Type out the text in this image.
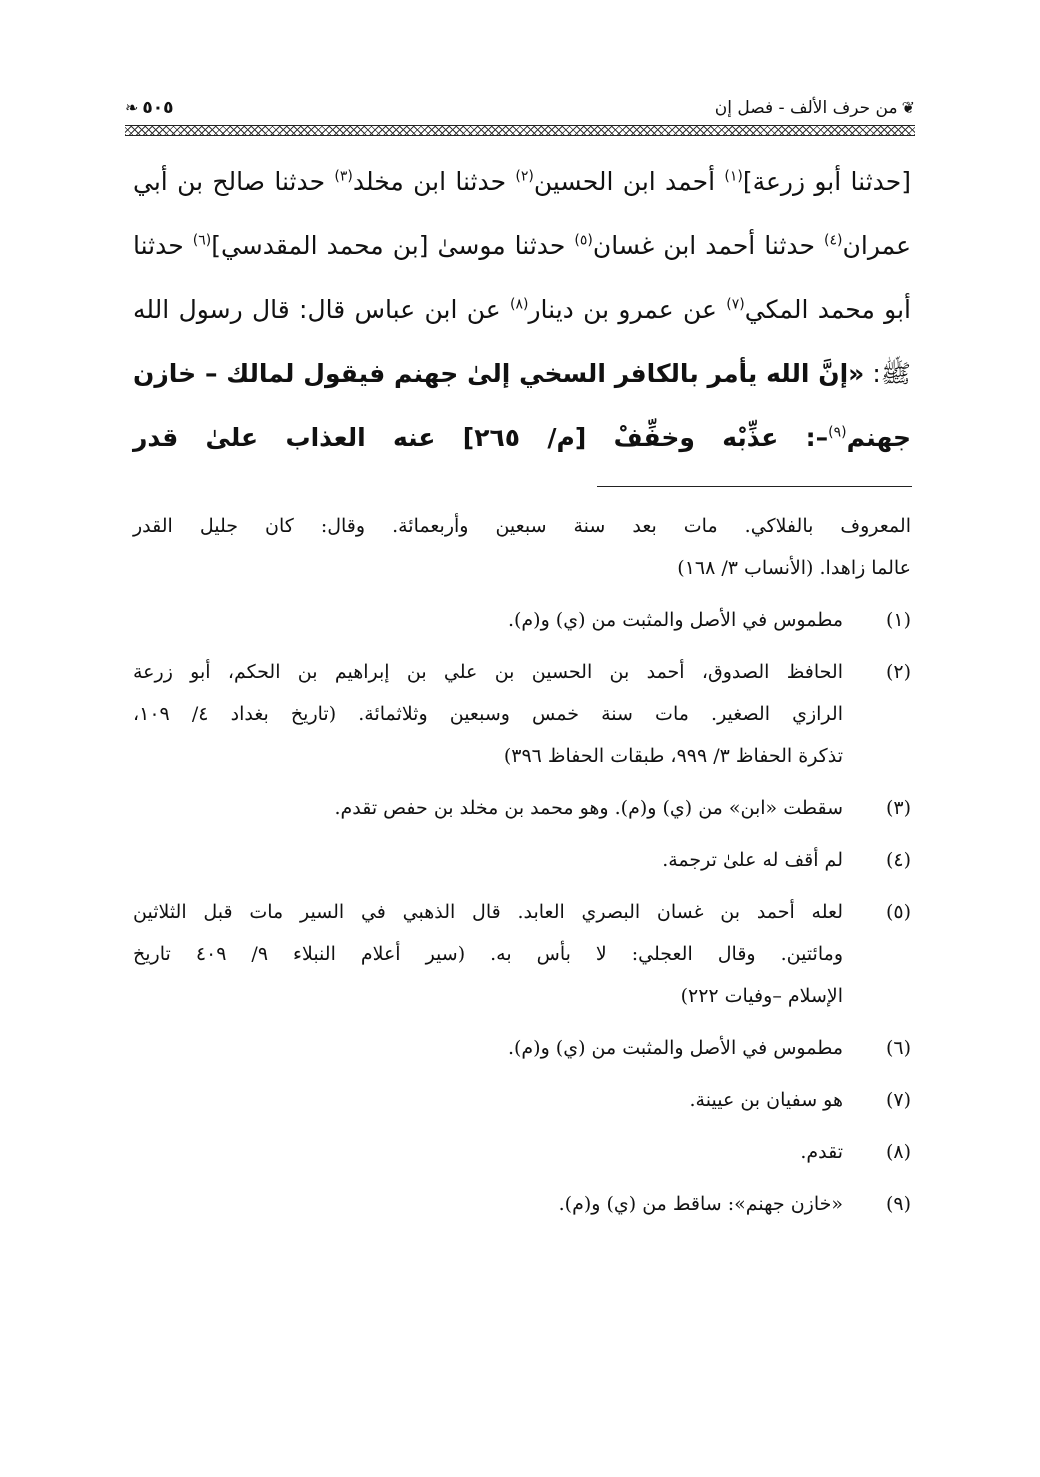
❦
من حرف الألف - فصل إن
٥٠٥
❧
[حدثنا أبو زرعة]$^{(١)}$ أحمد ابن الحسين$^{(٢)}$ حدثنا ابن مخلد$^{(٣)}$ حدثنا صالح بن أبي عمران$^{(٤)}$ حدثنا أحمد ابن غسان$^{(٥)}$ حدثنا موسىٰ [بن محمد المقدسي]$^{(٦)}$ حدثنا أبو محمد المكي$^{(٧)}$ عن عمرو بن دينار$^{(٨)}$ عن ابن عباس قال: قال رسول الله ﷺ: «إنَّ الله يأمر بالكافر السخي إلىٰ جهنم فيقول لمالك – خازن جهنم$^{(٩)}$–: عذِّبْه وخفِّفْ [م/ ٢٦٥] عنه العذاب علىٰ قدر
المعروف بالفلاكي. مات بعد سنة سبعين وأربعمائة. وقال: كان جليل القدر
عالما زاهدا. (الأنساب ٣/ ١٦٨)
(١)
مطموس في الأصل والمثبت من (ي) و(م).
(٢)
الحافظ الصدوق، أحمد بن الحسين بن علي بن إبراهيم بن الحكم، أبو زرعة
الرازي الصغير. مات سنة خمس وسبعين وثلاثمائة. (تاريخ بغداد ٤/ ١٠٩،
تذكرة الحفاظ ٣/ ٩٩٩، طبقات الحفاظ ٣٩٦)
(٣)
سقطت «ابن» من (ي) و(م). وهو محمد بن مخلد بن حفص تقدم.
(٤)
لم أقف له علىٰ ترجمة.
(٥)
لعله أحمد بن غسان البصري العابد. قال الذهبي في السير مات قبل الثلاثين
ومائتين. وقال العجلي: لا بأس به. (سير أعلام النبلاء ٩/ ٤٠٩ تاريخ
الإسلام –وفيات ٢٢٢)
(٦)
مطموس في الأصل والمثبت من (ي) و(م).
(٧)
هو سفيان بن عيينة.
(٨)
تقدم.
(٩)
«خازن جهنم»: ساقط من (ي) و(م).
